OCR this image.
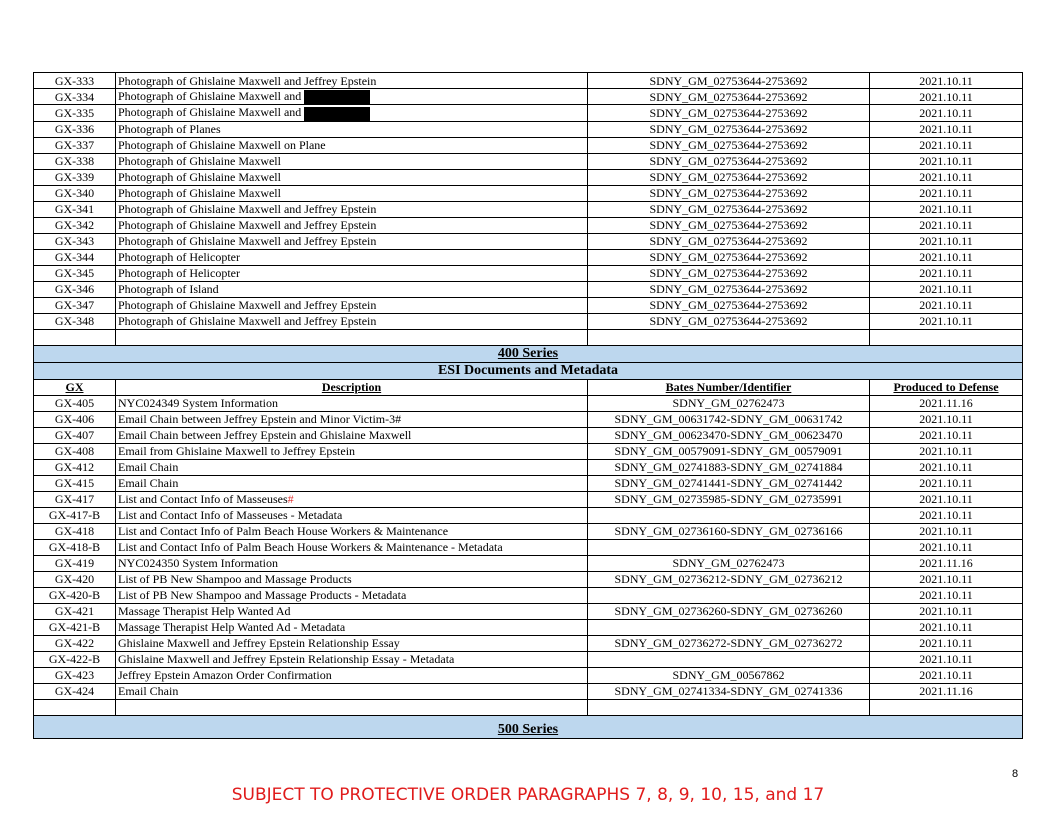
GX-333	Photograph of Ghislaine Maxwell and Jeffrey Epstein	SDNY_GM_02753644-2753692	2021.10.11
GX-334	Photograph of Ghislaine Maxwell and	SDNY_GM_02753644-2753692	2021.10.11
GX-335	Photograph of Ghislaine Maxwell and	SDNY_GM_02753644-2753692	2021.10.11
GX-336	Photograph of Planes	SDNY_GM_02753644-2753692	2021.10.11
GX-337	Photograph of Ghislaine Maxwell on Plane	SDNY_GM_02753644-2753692	2021.10.11
GX-338	Photograph of Ghislaine Maxwell	SDNY_GM_02753644-2753692	2021.10.11
GX-339	Photograph of Ghislaine Maxwell	SDNY_GM_02753644-2753692	2021.10.11
GX-340	Photograph of Ghislaine Maxwell	SDNY_GM_02753644-2753692	2021.10.11
GX-341	Photograph of Ghislaine Maxwell and Jeffrey Epstein	SDNY_GM_02753644-2753692	2021.10.11
GX-342	Photograph of Ghislaine Maxwell and Jeffrey Epstein	SDNY_GM_02753644-2753692	2021.10.11
GX-343	Photograph of Ghislaine Maxwell and Jeffrey Epstein	SDNY_GM_02753644-2753692	2021.10.11
GX-344	Photograph of Helicopter	SDNY_GM_02753644-2753692	2021.10.11
GX-345	Photograph of Helicopter	SDNY_GM_02753644-2753692	2021.10.11
GX-346	Photograph of Island	SDNY_GM_02753644-2753692	2021.10.11
GX-347	Photograph of Ghislaine Maxwell and Jeffrey Epstein	SDNY_GM_02753644-2753692	2021.10.11
GX-348	Photograph of Ghislaine Maxwell and Jeffrey Epstein	SDNY_GM_02753644-2753692	2021.10.11

400 Series			
ESI Documents and Metadata			
GX	Description	Bates Number/Identifier	Produced to Defense
GX-405	NYC024349 System Information	SDNY_GM_02762473	2021.11.16
GX-406	Email Chain between Jeffrey Epstein and Minor Victim-3#	SDNY_GM_00631742-SDNY_GM_00631742	2021.10.11
GX-407	Email Chain between Jeffrey Epstein and Ghislaine Maxwell	SDNY_GM_00623470-SDNY_GM_00623470	2021.10.11
GX-408	Email from Ghislaine Maxwell to Jeffrey Epstein	SDNY_GM_00579091-SDNY_GM_00579091	2021.10.11
GX-412	Email Chain	SDNY_GM_02741883-SDNY_GM_02741884	2021.10.11
GX-415	Email Chain	SDNY_GM_02741441-SDNY_GM_02741442	2021.10.11
GX-417	List and Contact Info of Masseuses#	SDNY_GM_02735985-SDNY_GM_02735991	2021.10.11
GX-417-B	List and Contact Info of Masseuses - Metadata		2021.10.11
GX-418	List and Contact Info of Palm Beach House Workers & Maintenance	SDNY_GM_02736160-SDNY_GM_02736166	2021.10.11
GX-418-B	List and Contact Info of Palm Beach House Workers & Maintenance - Metadata		2021.10.11
GX-419	NYC024350 System Information	SDNY_GM_02762473	2021.11.16
GX-420	List of PB New Shampoo and Massage Products	SDNY_GM_02736212-SDNY_GM_02736212	2021.10.11
GX-420-B	List of PB New Shampoo and Massage Products - Metadata		2021.10.11
GX-421	Massage Therapist Help Wanted Ad	SDNY_GM_02736260-SDNY_GM_02736260	2021.10.11
GX-421-B	Massage Therapist Help Wanted Ad - Metadata		2021.10.11
GX-422	Ghislaine Maxwell and Jeffrey Epstein Relationship Essay	SDNY_GM_02736272-SDNY_GM_02736272	2021.10.11
GX-422-B	Ghislaine Maxwell and Jeffrey Epstein Relationship Essay - Metadata		2021.10.11
GX-423	Jeffrey Epstein Amazon Order Confirmation	SDNY_GM_00567862	2021.10.11
GX-424	Email Chain	SDNY_GM_02741334-SDNY_GM_02741336	2021.11.16

500 Series			
8
SUBJECT TO PROTECTIVE ORDER PARAGRAPHS 7, 8, 9, 10, 15, and 17
